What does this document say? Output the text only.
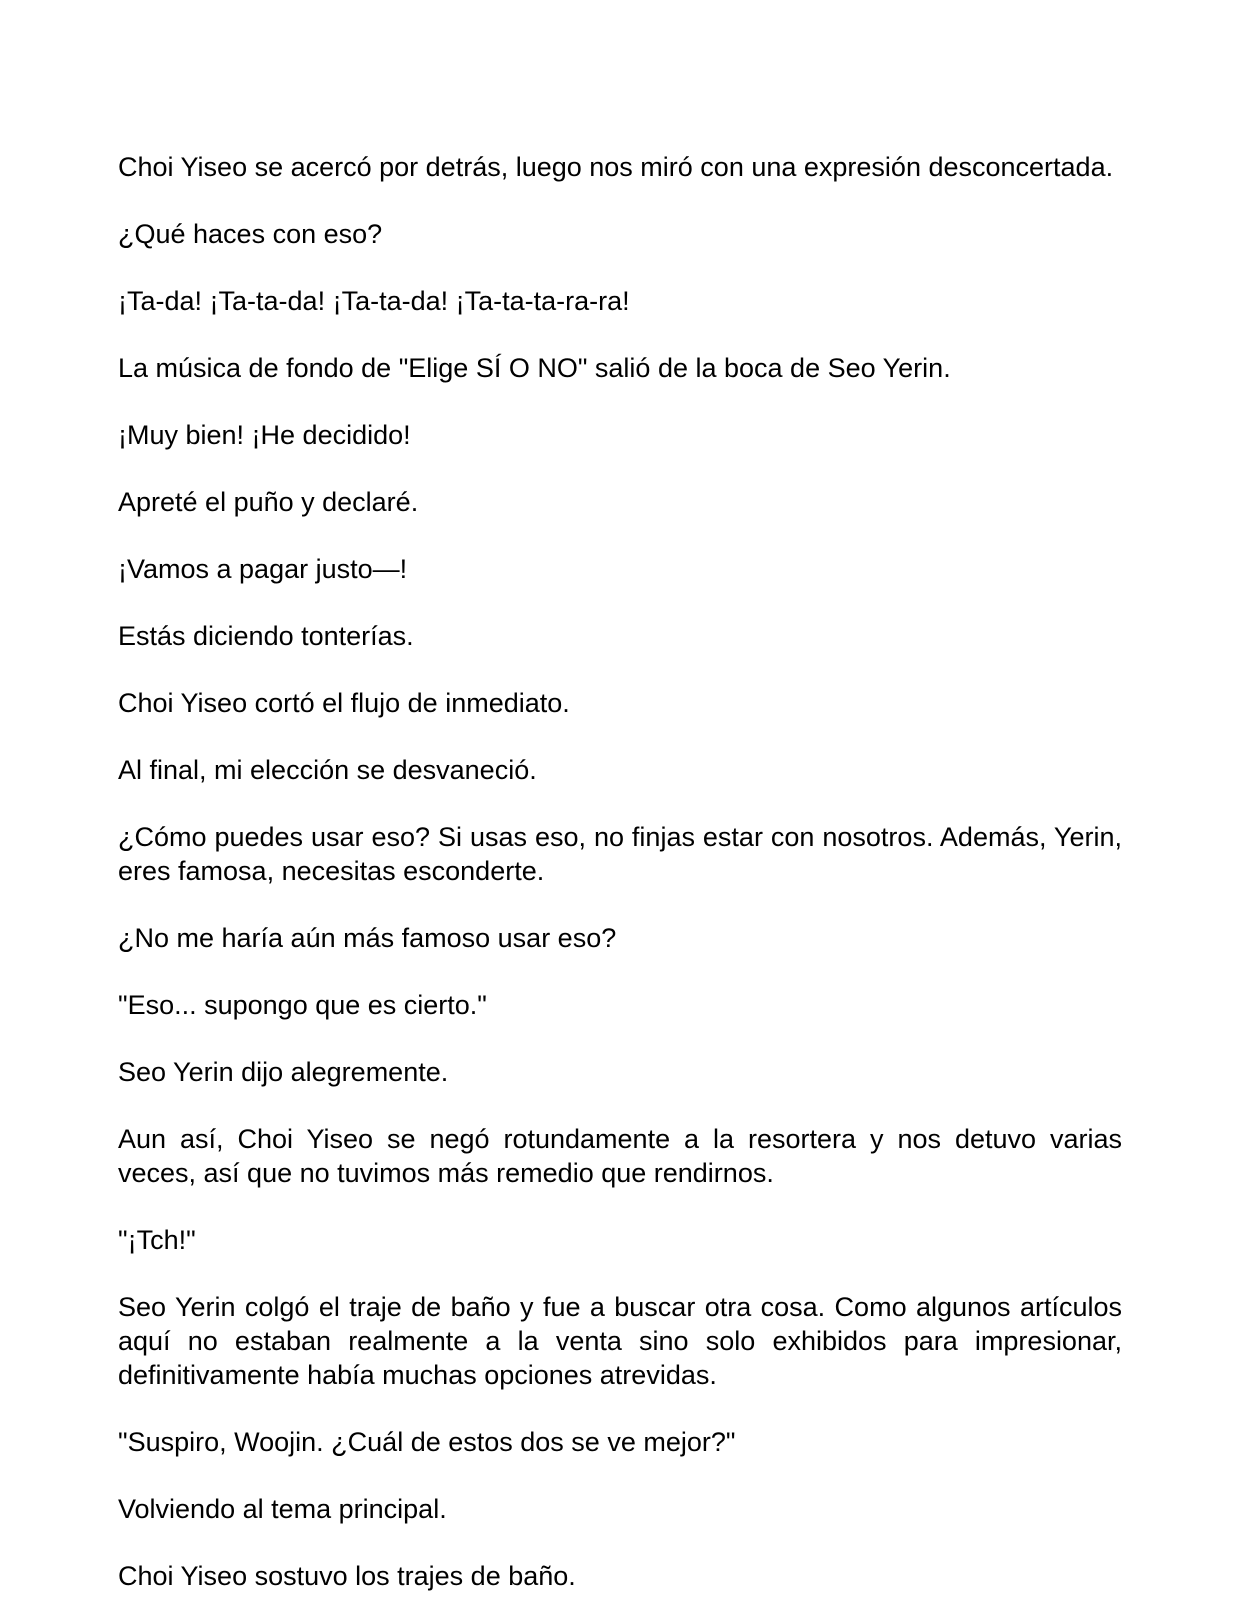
Choi Yiseo se acercó por detrás, luego nos miró con una expresión desconcertada.

¿Qué haces con eso?

¡Ta-da! ¡Ta-ta-da! ¡Ta-ta-da! ¡Ta-ta-ta-ra-ra!

La música de fondo de "Elige SÍ O NO" salió de la boca de Seo Yerin.

¡Muy bien! ¡He decidido!

Apreté el puño y declaré.

¡Vamos a pagar justo—!

Estás diciendo tonterías.

Choi Yiseo cortó el flujo de inmediato.

Al final, mi elección se desvaneció.

¿Cómo puedes usar eso? Si usas eso, no finjas estar con nosotros. Además, Yerin, eres famosa, necesitas esconderte.

¿No me haría aún más famoso usar eso?

"Eso... supongo que es cierto."

Seo Yerin dijo alegremente.

Aun así, Choi Yiseo se negó rotundamente a la resortera y nos detuvo varias veces, así que no tuvimos más remedio que rendirnos.

"¡Tch!"

Seo Yerin colgó el traje de baño y fue a buscar otra cosa. Como algunos artículos aquí no estaban realmente a la venta sino solo exhibidos para impresionar, definitivamente había muchas opciones atrevidas.

"Suspiro, Woojin. ¿Cuál de estos dos se ve mejor?"

Volviendo al tema principal.

Choi Yiseo sostuvo los trajes de baño.
